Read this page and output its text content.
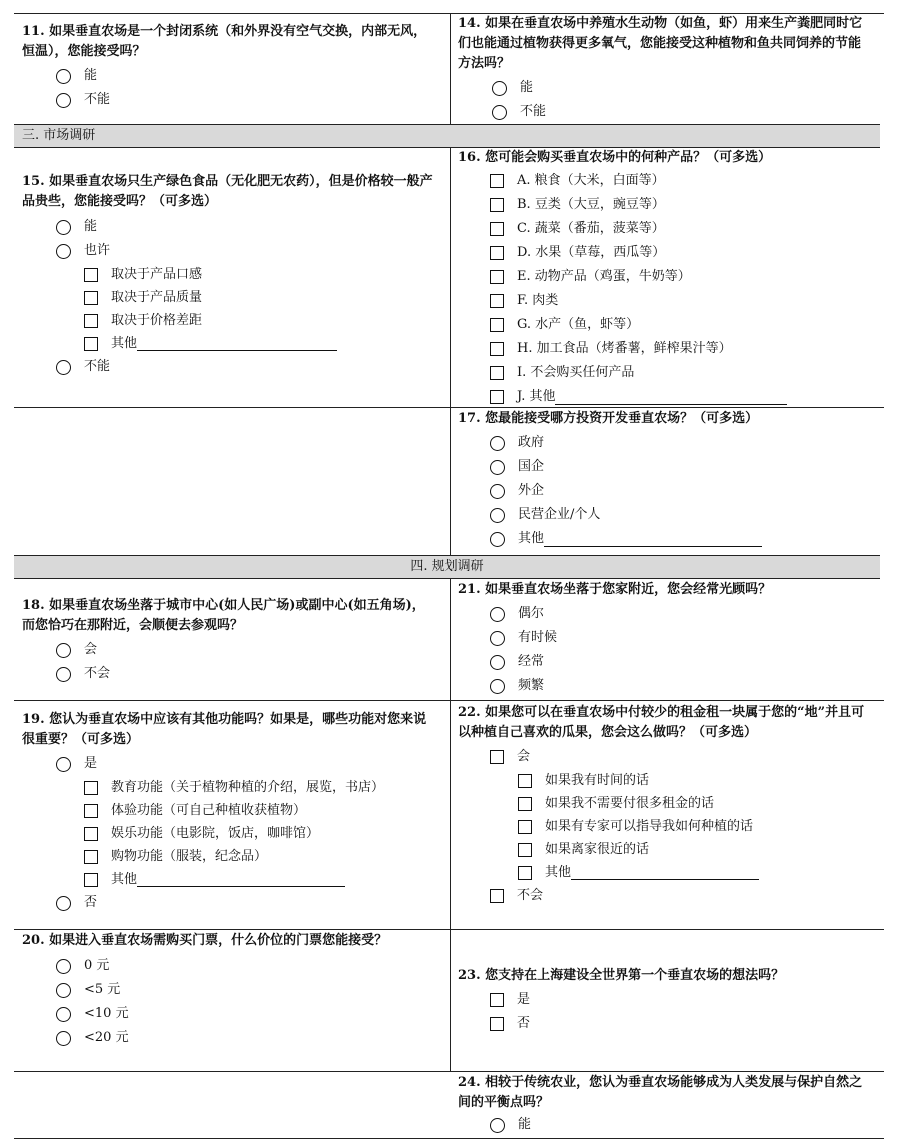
三. 市场调研
四. 规划调研
11. 如果垂直农场是一个封闭系统（和外界没有空气交换，内部无风，恒温），您能接受吗？
能
不能
14. 如果在垂直农场中养殖水生动物（如鱼，虾）用来生产粪肥同时它们也能通过植物获得更多氧气，您能接受这种植物和鱼共同饲养的节能方法吗？
能
不能
15. 如果垂直农场只生产绿色食品（无化肥无农药），但是价格较一般产品贵些，您能接受吗？（可多选）
能
也许
取决于产品口感
取决于产品质量
取决于价格差距
其他
不能
16. 您可能会购买垂直农场中的何种产品？（可多选）
A. 粮食（大米，白面等）
B. 豆类（大豆，豌豆等）
C. 蔬菜（番茄，菠菜等）
D. 水果（草莓，西瓜等）
E. 动物产品（鸡蛋，牛奶等）
F. 肉类
G. 水产（鱼，虾等）
H. 加工食品（烤番薯，鲜榨果汁等）
I. 不会购买任何产品
J. 其他
17. 您最能接受哪方投资开发垂直农场？（可多选）
政府
国企
外企
民营企业/个人
其他
18. 如果垂直农场坐落于城市中心(如人民广场)或副中心(如五角场)，而您恰巧在那附近，会顺便去参观吗？
会
不会
21. 如果垂直农场坐落于您家附近，您会经常光顾吗？
偶尔
有时候
经常
频繁
19. 您认为垂直农场中应该有其他功能吗？如果是，哪些功能对您来说很重要？（可多选）
是
教育功能（关于植物种植的介绍，展览，书店）
体验功能（可自己种植收获植物）
娱乐功能（电影院，饭店，咖啡馆）
购物功能（服装，纪念品）
其他
否
22. 如果您可以在垂直农场中付较少的租金租一块属于您的“地”并且可以种植自己喜欢的瓜果，您会这么做吗？（可多选）
会
如果我有时间的话
如果我不需要付很多租金的话
如果有专家可以指导我如何种植的话
如果离家很近的话
其他
不会
20. 如果进入垂直农场需购买门票，什么价位的门票您能接受？
0 元
<5 元
<10 元
<20 元
23. 您支持在上海建设全世界第一个垂直农场的想法吗？
是
否
24. 相较于传统农业，您认为垂直农场能够成为人类发展与保护自然之间的平衡点吗？
能
